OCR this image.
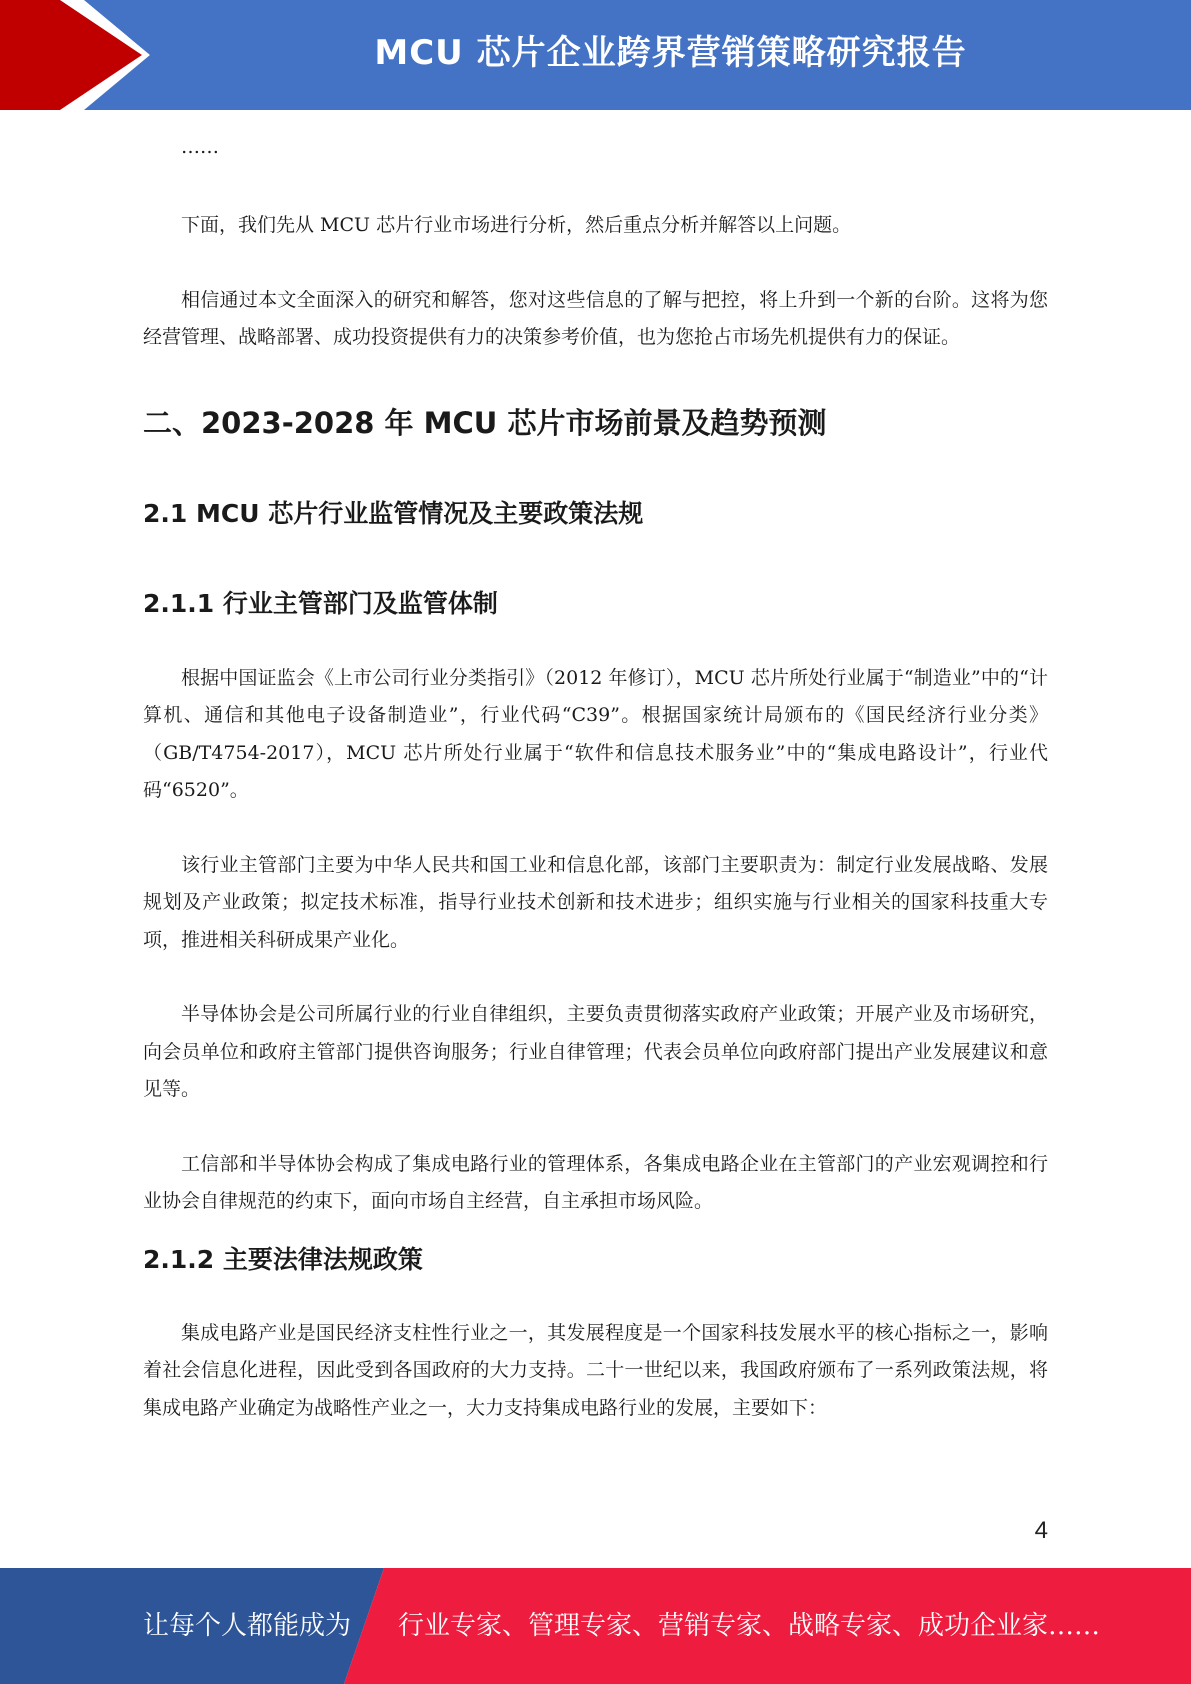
MCU 芯片企业跨界营销策略研究报告

……

下面，我们先从 MCU 芯片行业市场进行分析，然后重点分析并解答以上问题。

相信通过本文全面深入的研究和解答，您对这些信息的了解与把控，将上升到一个新的台阶。这将为您经营管理、战略部署、成功投资提供有力的决策参考价值，也为您抢占市场先机提供有力的保证。

二、2023-2028 年 MCU 芯片市场前景及趋势预测
2.1 MCU 芯片行业监管情况及主要政策法规
2.1.1 行业主管部门及监管体制

根据中国证监会《上市公司行业分类指引》（2012 年修订），MCU 芯片所处行业属于“制造业”中的“计算机、通信和其他电子设备制造业”，行业代码“C39”。根据国家统计局颁布的《国民经济行业分类》（GB/T4754-2017），MCU 芯片所处行业属于“软件和信息技术服务业”中的“集成电路设计”，行业代码“6520”。

该行业主管部门主要为中华人民共和国工业和信息化部，该部门主要职责为：制定行业发展战略、发展规划及产业政策；拟定技术标准，指导行业技术创新和技术进步；组织实施与行业相关的国家科技重大专项，推进相关科研成果产业化。

半导体协会是公司所属行业的行业自律组织，主要负责贯彻落实政府产业政策；开展产业及市场研究，向会员单位和政府主管部门提供咨询服务；行业自律管理；代表会员单位向政府部门提出产业发展建议和意见等。

工信部和半导体协会构成了集成电路行业的管理体系，各集成电路企业在主管部门的产业宏观调控和行业协会自律规范的约束下，面向市场自主经营，自主承担市场风险。

2.1.2 主要法律法规政策

集成电路产业是国民经济支柱性行业之一，其发展程度是一个国家科技发展水平的核心指标之一，影响着社会信息化进程，因此受到各国政府的大力支持。二十一世纪以来，我国政府颁布了一系列政策法规，将集成电路产业确定为战略性产业之一，大力支持集成电路行业的发展，主要如下：

4
让每个人都能成为 行业专家、管理专家、营销专家、战略专家、成功企业家……
